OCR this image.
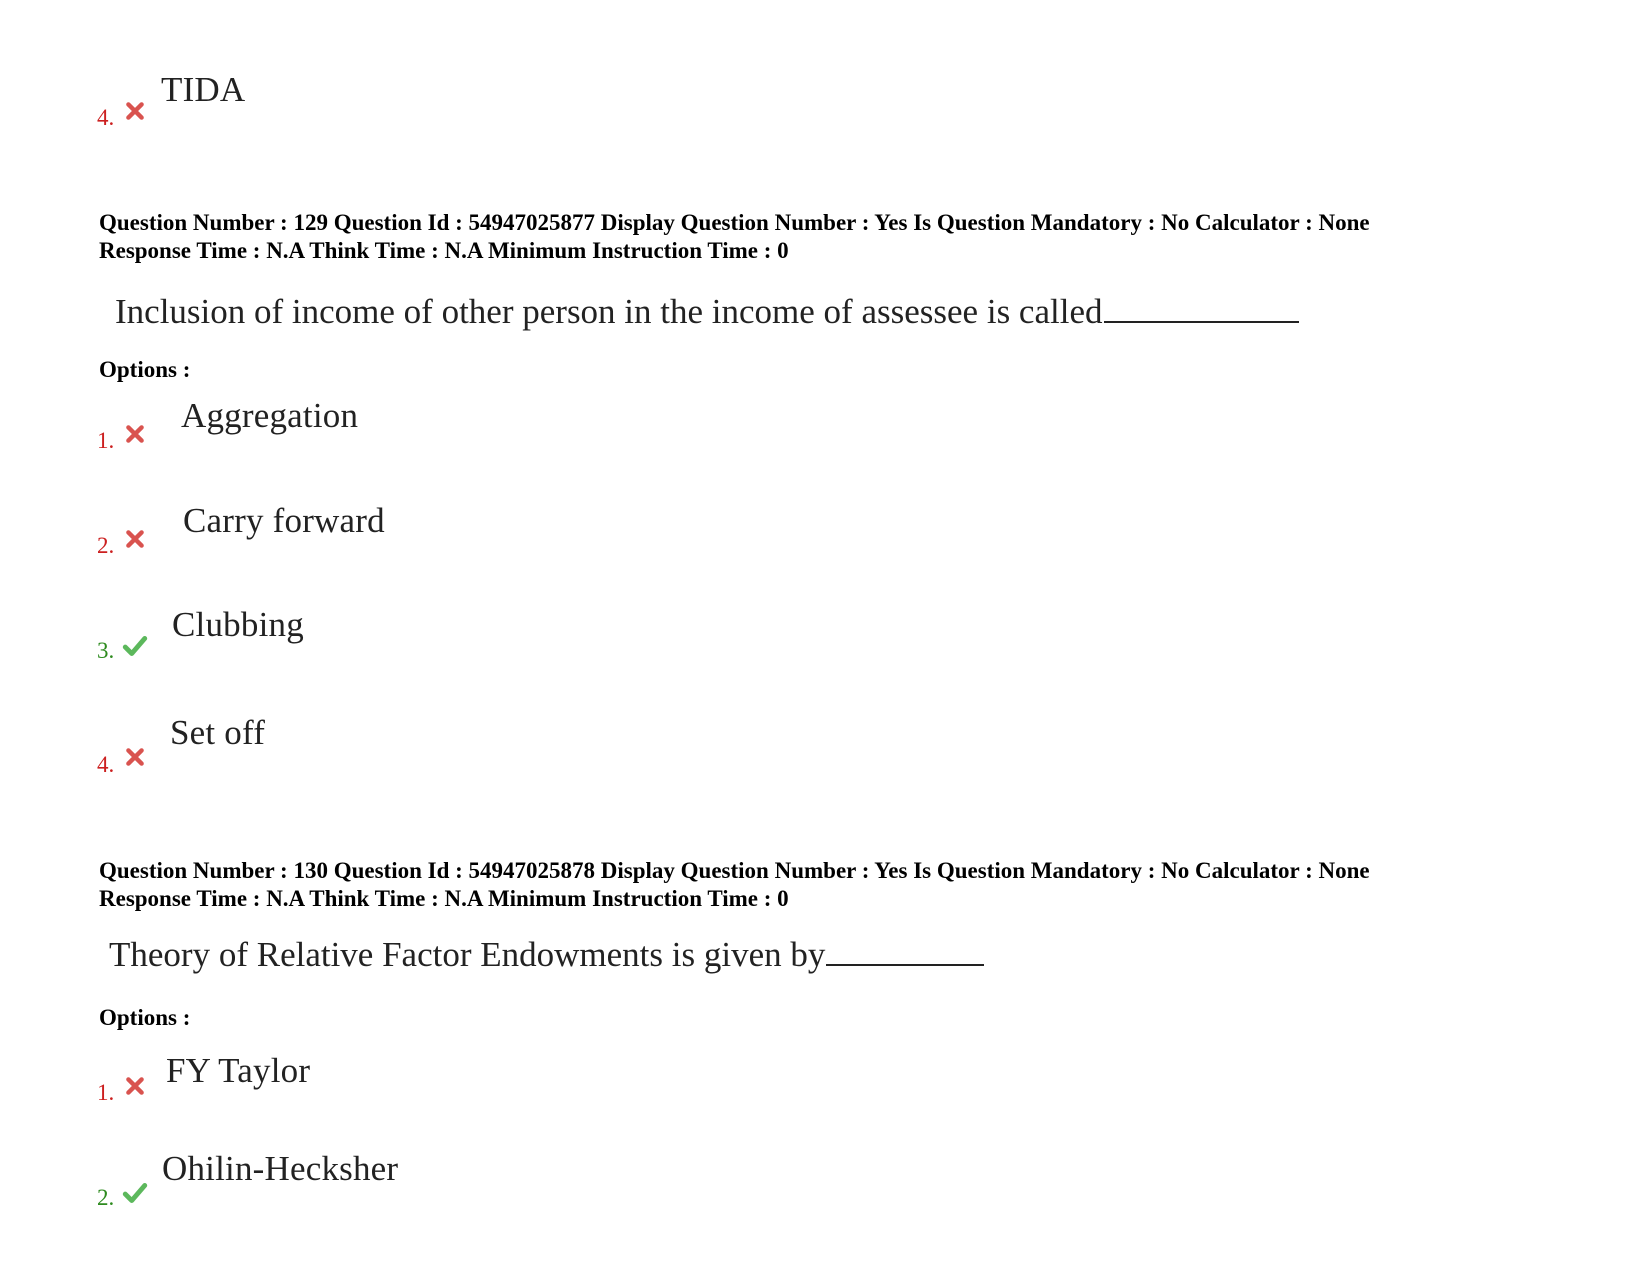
4.
TIDA
Question Number : 129 Question Id : 54947025877 Display Question Number : Yes Is Question Mandatory : No Calculator : None
Response Time : N.A Think Time : N.A Minimum Instruction Time : 0
Inclusion of income of other person in the income of assessee is called
Options :
1.
Aggregation
2.
Carry forward
3.
Clubbing
4.
Set off
Question Number : 130 Question Id : 54947025878 Display Question Number : Yes Is Question Mandatory : No Calculator : None
Response Time : N.A Think Time : N.A Minimum Instruction Time : 0
Theory of Relative Factor Endowments is given by
Options :
1.
FY Taylor
2.
Ohilin-Hecksher
